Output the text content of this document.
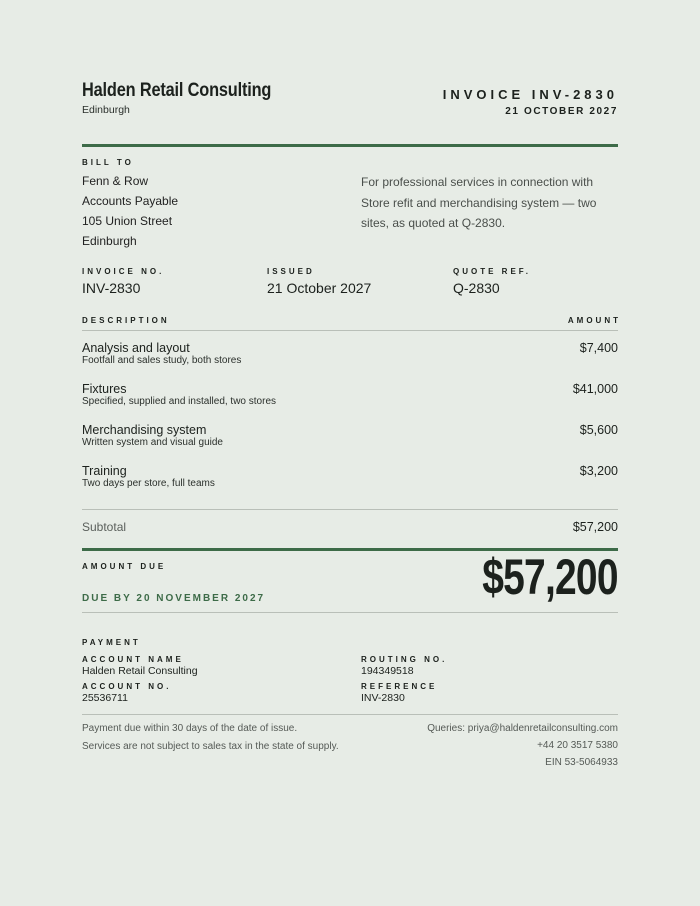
Halden Retail Consulting
Edinburgh
INVOICE INV-2830
21 OCTOBER 2027
BILL TO
Fenn & Row
Accounts Payable
105 Union Street
Edinburgh
For professional services in connection with Store refit and merchandising system — two sites, as quoted at Q-2830.
INVOICE NO.
INV-2830
ISSUED
21 October 2027
QUOTE REF.
Q-2830
DESCRIPTION	AMOUNT
Analysis and layout
Footfall and sales study, both stores
$7,400
Fixtures
Specified, supplied and installed, two stores
$41,000
Merchandising system
Written system and visual guide
$5,600
Training
Two days per store, full teams
$3,200
Subtotal	$57,200
AMOUNT DUE
DUE BY 20 NOVEMBER 2027	$57,200
PAYMENT
ACCOUNT NAME
Halden Retail Consulting
ACCOUNT NO.
25536711
ROUTING NO.
194349518
REFERENCE
INV-2830
Payment due within 30 days of the date of issue.
Services are not subject to sales tax in the state of supply.
Queries: priya@haldenretailconsulting.com
+44 20 3517 5380
EIN 53-5064933
